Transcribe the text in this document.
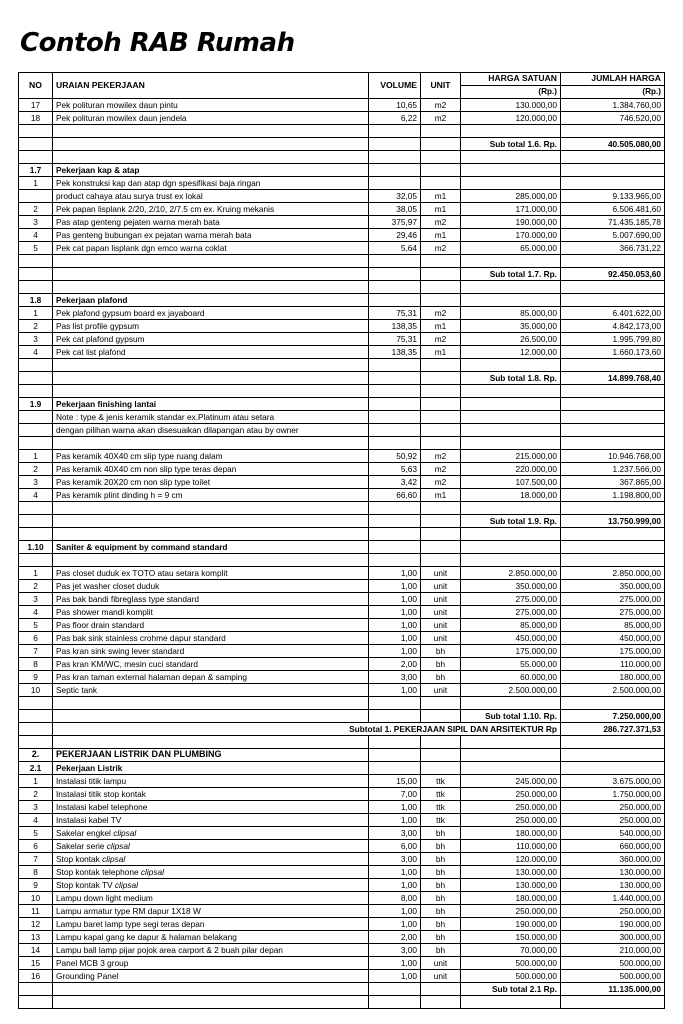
Contoh RAB Rumah
NO	URAIAN PEKERJAAN	VOLUME	UNIT	HARGA SATUAN	JUMLAH HARGA
				(Rp.)	(Rp.)
17	Pek polituran mowilex daun pintu	10,65	m2	130.000,00	1.384.760,00
18	Pek polituran mowilex daun jendela	6,22	m2	120.000,00	746.520,00

				Sub total 1.6. Rp.	40.505.080,00

1.7	Pekerjaan kap & atap				
1	Pek konstruksi kap dan atap dgn spesifikasi baja ringan				
	product cahaya atau surya trust ex lokal	32,05	m1	285.000,00	9.133.965,00
2	Pek papan lisplank 2/20, 2/10, 2/7.5 cm ex. Kruing mekanis	38,05	m1	171.000,00	6.506.481,60
3	Pas atap genteng pejaten warna merah bata	375,97	m2	190.000,00	71.435.185,78
4	Pas genteng bubungan ex pejatan warna merah bata	29,46	m1	170.000,00	5.007.690,00
5	Pek cat papan lisplank dgn emco warna coklat	5,64	m2	65.000,00	366.731,22

				Sub total 1.7. Rp.	92.450.053,60

1.8	Pekerjaan plafond				
1	Pek plafond gypsum board ex jayaboard	75,31	m2	85.000,00	6.401.622,00
2	Pas list profile gypsum	138,35	m1	35.000,00	4.842.173,00
3	Pek cat plafond gypsum	75,31	m2	26.500,00	1.995.799,80
4	Pek cat list plafond	138,35	m1	12.000,00	1.660.173,60

				Sub total 1.8. Rp.	14.899.768,40

1.9	Pekerjaan finishing lantai				
	Note : type & jenis keramik standar ex.Platinum atau setara				
	dengan pilihan warna akan disesuaikan dilapangan atau by owner				

1	Pas keramik 40X40 cm slip type ruang dalam	50,92	m2	215.000,00	10.946.768,00
2	Pas keramik 40X40 cm non slip type teras depan	5,63	m2	220.000,00	1.237.566,00
3	Pas keramik 20X20 cm non slip type toilet	3,42	m2	107.500,00	367.865,00
4	Pas keramik plint dinding h = 9 cm	66,60	m1	18.000,00	1.198.800,00

				Sub total 1.9. Rp.	13.750.999,00

1.10	Saniter & equipment by command standard				

1	Pas closet duduk ex TOTO atau setara komplit	1,00	unit	2.850.000,00	2.850.000,00
2	Pas jet washer closet duduk	1,00	unit	350.000,00	350.000,00
3	Pas bak bandi fibreglass type standard	1,00	unit	275.000,00	275.000,00
4	Pas shower mandi komplit	1,00	unit	275.000,00	275.000,00
5	Pas floor drain standard	1,00	unit	85.000,00	85.000,00
6	Pas bak sink stainless crohme dapur standard	1,00	unit	450.000,00	450.000,00
7	Pas kran sink swing lever standard	1,00	bh	175.000,00	175.000,00
8	Pas kran KM/WC, mesin cuci standard	2,00	bh	55.000,00	110.000,00
9	Pas kran taman external halaman depan & samping	3,00	bh	60.000,00	180.000,00
10	Septic tank	1,00	unit	2.500.000,00	2.500.000,00

				Sub total 1.10. Rp.	7.250.000,00
	Subtotal 1. PEKERJAAN SIPIL DAN ARSITEKTUR Rp				286.727.371,53

2.	PEKERJAAN LISTRIK DAN PLUMBING				
2.1	Pekerjaan Listrik				
1	Instalasi titik lampu	15,00	ttk	245.000,00	3.675.000,00
2	Instalasi titik stop kontak	7,00	ttk	250.000,00	1.750.000,00
3	Instalasi kabel telephone	1,00	ttk	250.000,00	250.000,00
4	Instalasi kabel TV	1,00	ttk	250.000,00	250.000,00
5	Sakelar engkel clipsal	3,00	bh	180.000,00	540.000,00
6	Sakelar serie clipsal	6,00	bh	110.000,00	660.000,00
7	Stop kontak clipsal	3,00	bh	120.000,00	360.000,00
8	Stop kontak telephone clipsal	1,00	bh	130.000,00	130.000,00
9	Stop kontak TV clipsal	1,00	bh	130.000,00	130.000,00
10	Lampu down light medium	8,00	bh	180.000,00	1.440.000,00
11	Lampu armatur type RM dapur 1X18 W	1,00	bh	250.000,00	250.000,00
12	Lampu baret lamp type segi teras depan	1,00	bh	190.000,00	190.000,00
13	Lampu kapal gang ke dapur & halaman belakang	2,00	bh	150.000,00	300.000,00
14	Lampu ball lamp pijar pojok area carport & 2 buah pilar depan	3,00	bh	70.000,00	210.000,00
15	Panel MCB 3 group	1,00	unit	500.000,00	500.000,00
16	Grounding Panel	1,00	unit	500.000,00	500.000,00
				Sub total 2.1 Rp.	11.135.000,00
